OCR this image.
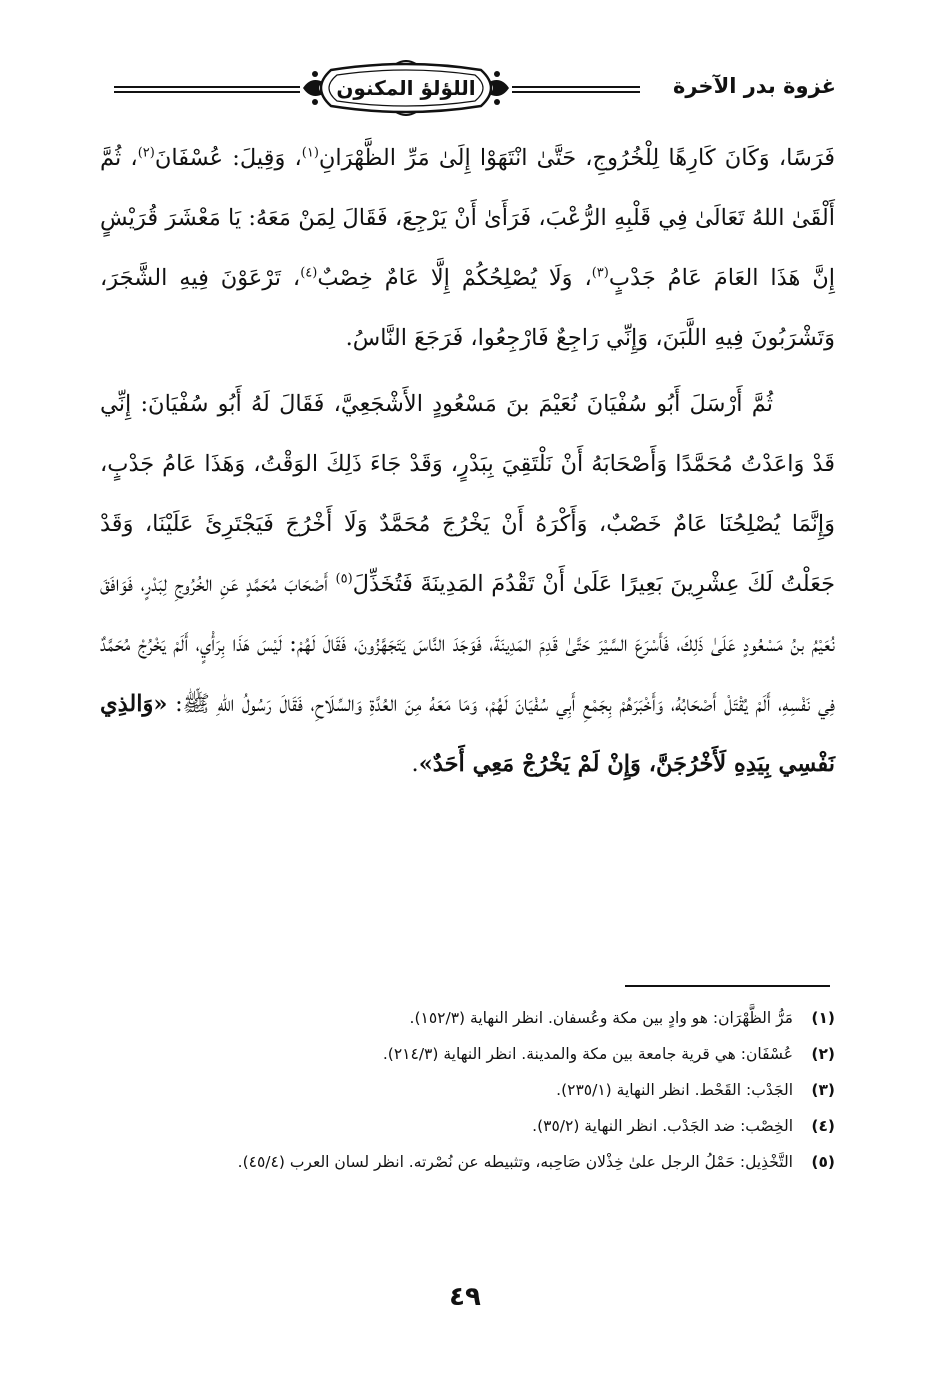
غزوة بدر الآخرة
اللؤلؤ المكنون

فَرَسًا، وَكَانَ كَارِهًا لِلْخُرُوجِ، حَتَّىٰ انْتَهَوْا إِلَىٰ مَرِّ الظَّهْرَانِ$^{(١)}$، وَقِيلَ: عُسْفَانَ$^{(٢)}$، ثُمَّ أَلْقَىٰ اللهُ تَعَالَىٰ فِي قَلْبِهِ الرُّعْبَ، فَرَأَىٰ أَنْ يَرْجِعَ، فَقَالَ لِمَنْ مَعَهُ: يَا مَعْشَرَ قُرَيْشٍ إِنَّ هَذَا العَامَ عَامُ جَدْبٍ$^{(٣)}$، وَلَا يُصْلِحُكُمْ إِلَّا عَامٌ خِصْبٌ$^{(٤)}$، تَرْعَوْنَ فِيهِ الشَّجَرَ، وَتَشْرَبُونَ فِيهِ اللَّبَنَ، وَإِنِّي رَاجِعٌ فَارْجِعُوا، فَرَجَعَ النَّاسُ.

ثُمَّ أَرْسَلَ أَبُو سُفْيَانَ نُعَيْمَ بنَ مَسْعُودٍ الأَشْجَعِيَّ، فَقَالَ لَهُ أَبُو سُفْيَانَ: إِنِّي قَدْ وَاعَدْتُ مُحَمَّدًا وَأَصْحَابَهُ أَنْ نَلْتَقِيَ بِبَدْرٍ، وَقَدْ جَاءَ ذَلِكَ الوَقْتُ، وَهَذَا عَامُ جَدْبٍ، وَإِنَّمَا يُصْلِحُنَا عَامٌ خَصْبٌ، وَأَكْرَهُ أَنْ يَخْرُجَ مُحَمَّدٌ وَلَا أَخْرُجَ فَيَجْتَرِئَ عَلَيْنَا، وَقَدْ جَعَلْتُ لَكَ عِشْرِينَ بَعِيرًا عَلَىٰ أَنْ تَقْدُمَ المَدِينَةَ فَتُخَذِّلَ$^{(٥)}$ أَصْحَابَ مُحَمَّدٍ عَنِ الخُرُوجِ لِبَدْرٍ، فَوَافَقَ نُعَيْمُ بنُ مَسْعُودٍ عَلَىٰ ذَلِكَ، فَأَسْرَعَ السَّيْرَ حَتَّىٰ قَدِمَ المَدِينَةَ، فَوَجَدَ النَّاسَ يَتَجَهَّزُونَ، فَقَالَ لَهُمْ: لَيْسَ هَذَا بِرَأْيٍ، أَلَمْ يَخْرُجْ مُحَمَّدٌ فِي نَفْسِهِ، أَلَمْ يُقْتَلْ أَصْحَابُهُ، وَأَخْبَرَهُمْ بِجَمْعِ أَبِي سُفْيَانَ لَهُمْ، وَمَا مَعَهُ مِنَ العُدَّةِ وَالسِّلَاحِ، فَقَالَ رَسُولُ اللهِ ﷺ: «وَالذِي نَفْسِي بِيَدِهِ لَأَخْرُجَنَّ، وَإِنْ لَمْ يَخْرُجْ مَعِي أَحَدٌ».

(١)
مَرُّ الظَّهْرَان: هو وادٍ بين مكة وعُسفان. انظر النهاية (١٥٢/٣).
(٢)
عُسْفَان: هي قرية جامعة بين مكة والمدينة. انظر النهاية (٢١٤/٣).
(٣)
الجَدْب: القَحْط. انظر النهاية (٢٣٥/١).
(٤)
الخِصْب: ضد الجَدْب. انظر النهاية (٣٥/٢).
(٥)
التَّخْذِيل: حَمْلُ الرجل علىٰ خِذْلان صَاحِبه، وتثبيطه عن نُصْرته. انظر لسان العرب (٤٥/٤).
٤٩
